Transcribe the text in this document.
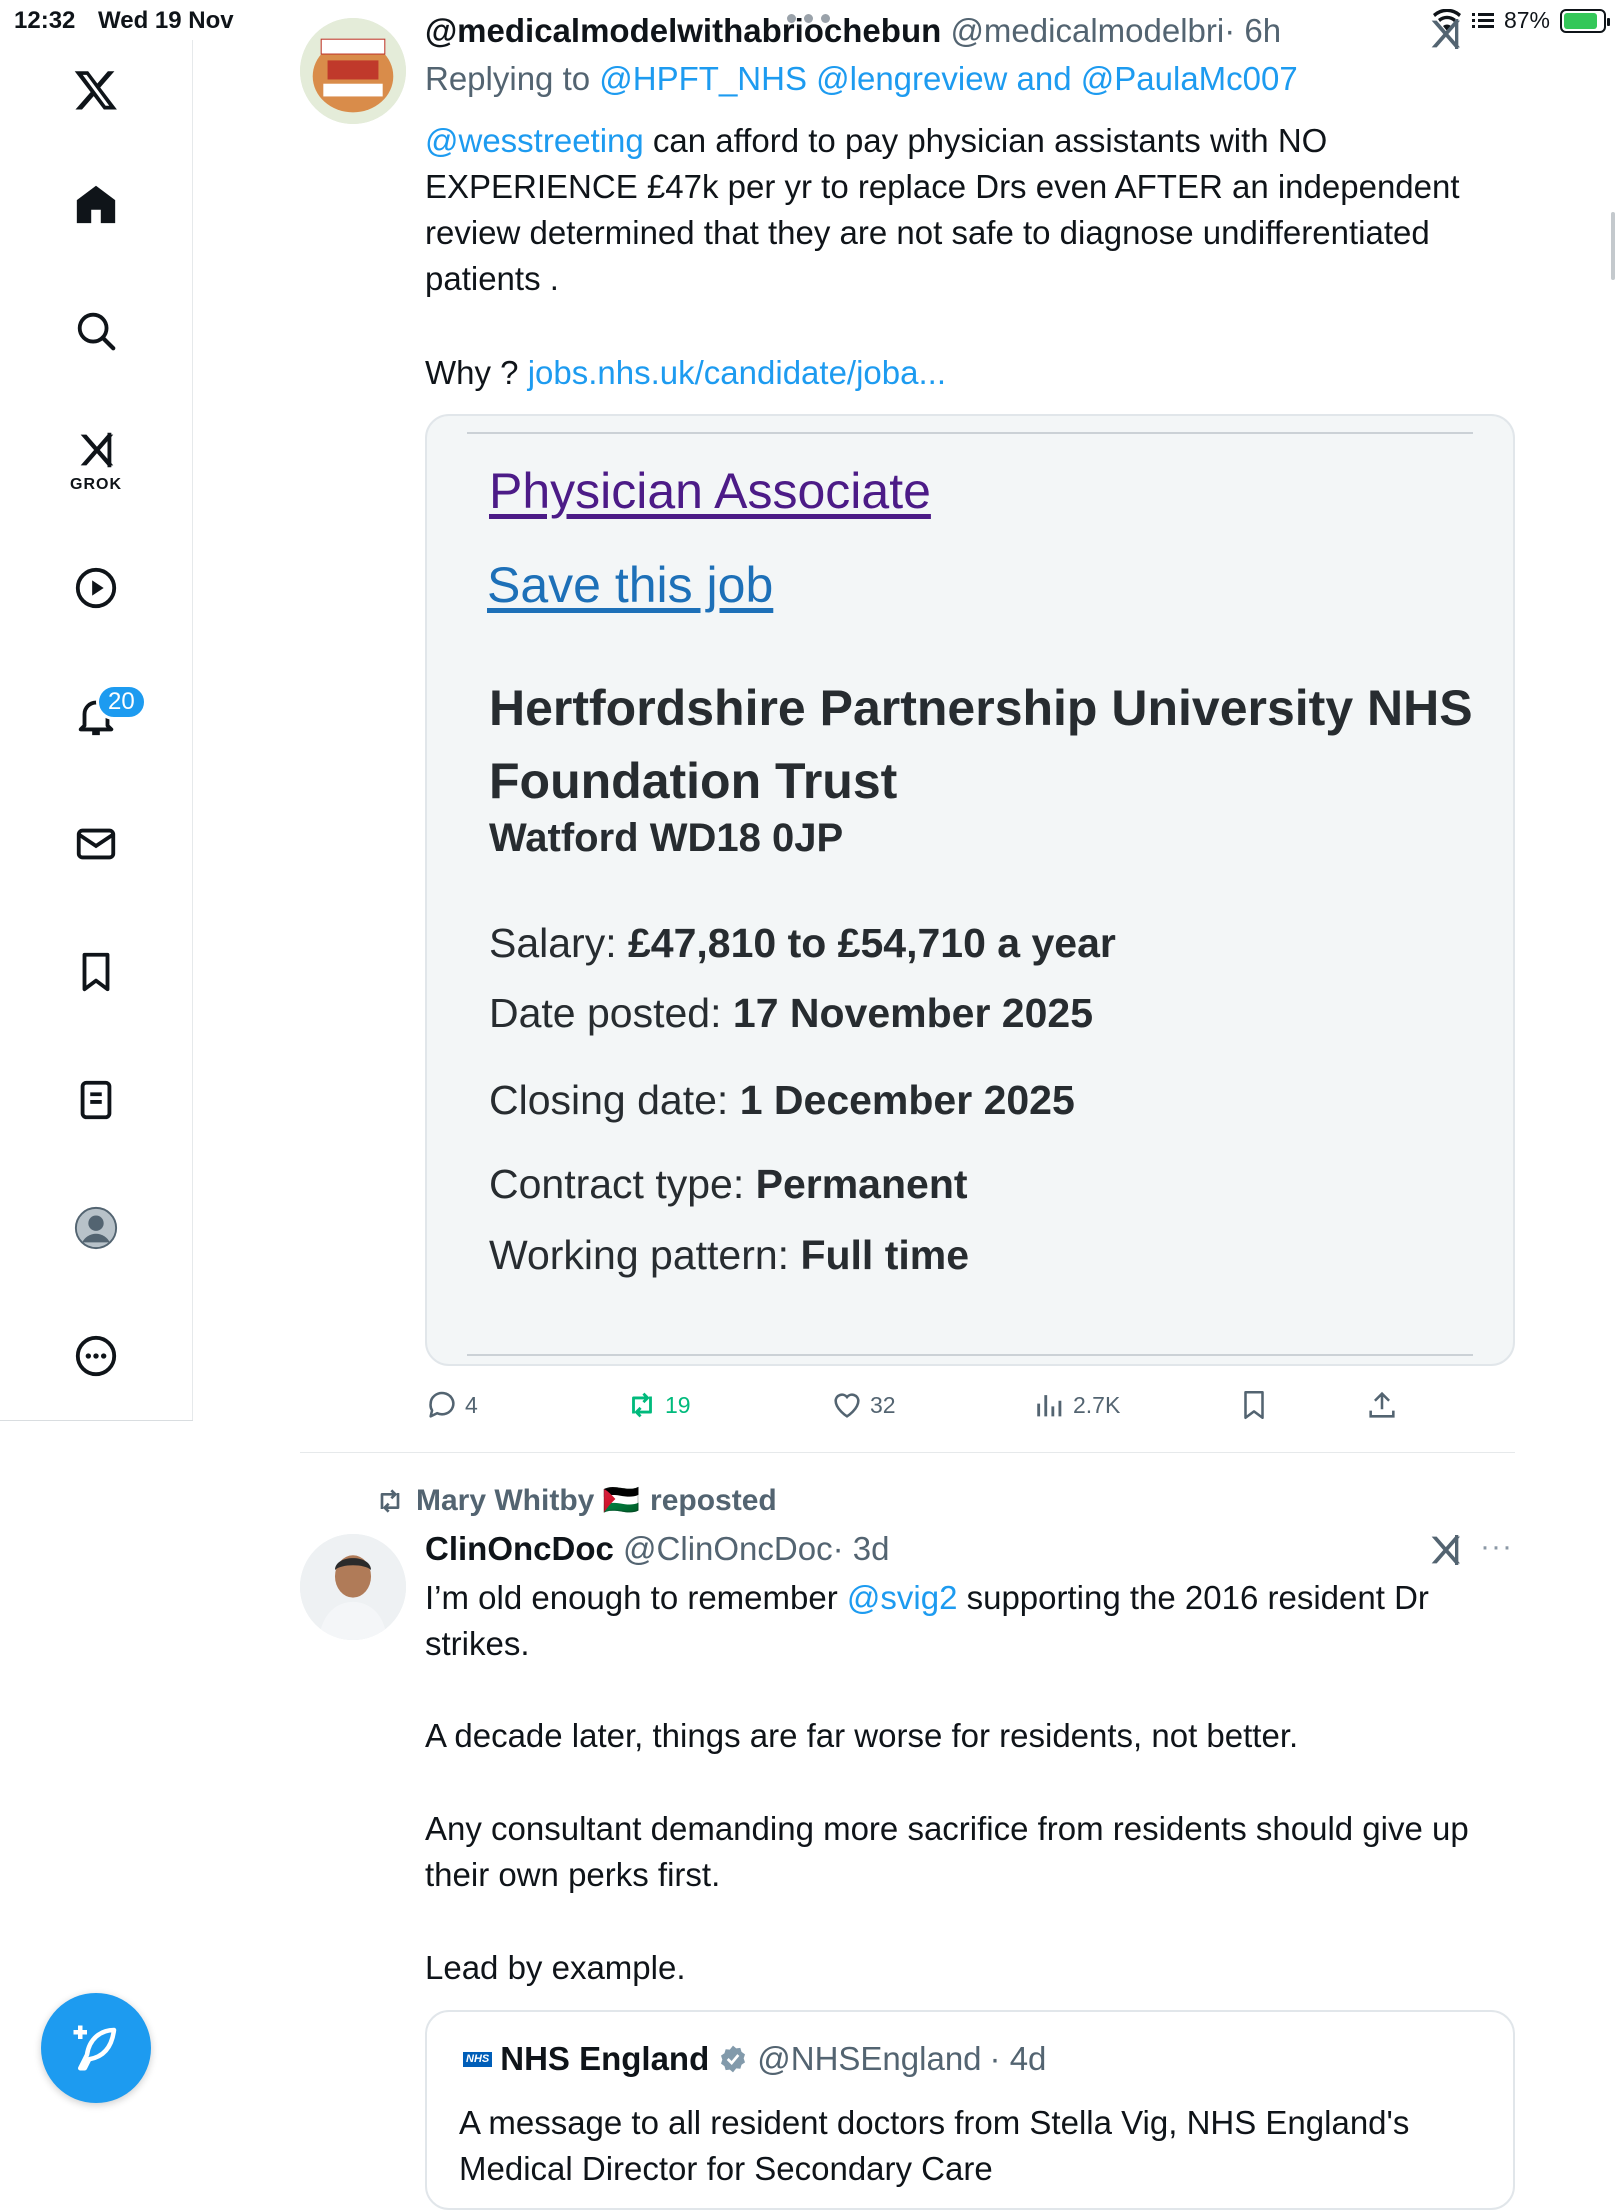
12:32 Wed 19 Nov	87%
GROK
20
@medicalmodelwithabriochebun @medicalmodelbri· 6h
Replying to @HPFT_NHS @lengreview and @PaulaMc007
@wesstreeting can afford to pay physician assistants with NO EXPERIENCE £47k per yr to replace Drs even AFTER an independent review determined that they are not safe to diagnose undifferentiated patients .
Why ? jobs.nhs.uk/candidate/joba...
Physician Associate
Save this job
Hertfordshire Partnership University NHS Foundation Trust
Watford WD18 0JP
Salary: £47,810 to £54,710 a year
Date posted: 17 November 2025
Closing date: 1 December 2025
Contract type: Permanent
Working pattern: Full time
4	19	32	2.7K
Mary Whitby 🇵🇸 reposted
ClinOncDoc @ClinOncDoc· 3d	···
I’m old enough to remember @svig2 supporting the 2016 resident Dr strikes.
A decade later, things are far worse for residents, not better.
Any consultant demanding more sacrifice from residents should give up their own perks first.
Lead by example.
NHS NHS England @NHSEngland · 4d
A message to all resident doctors from Stella Vig, NHS England's Medical Director for Secondary Care
